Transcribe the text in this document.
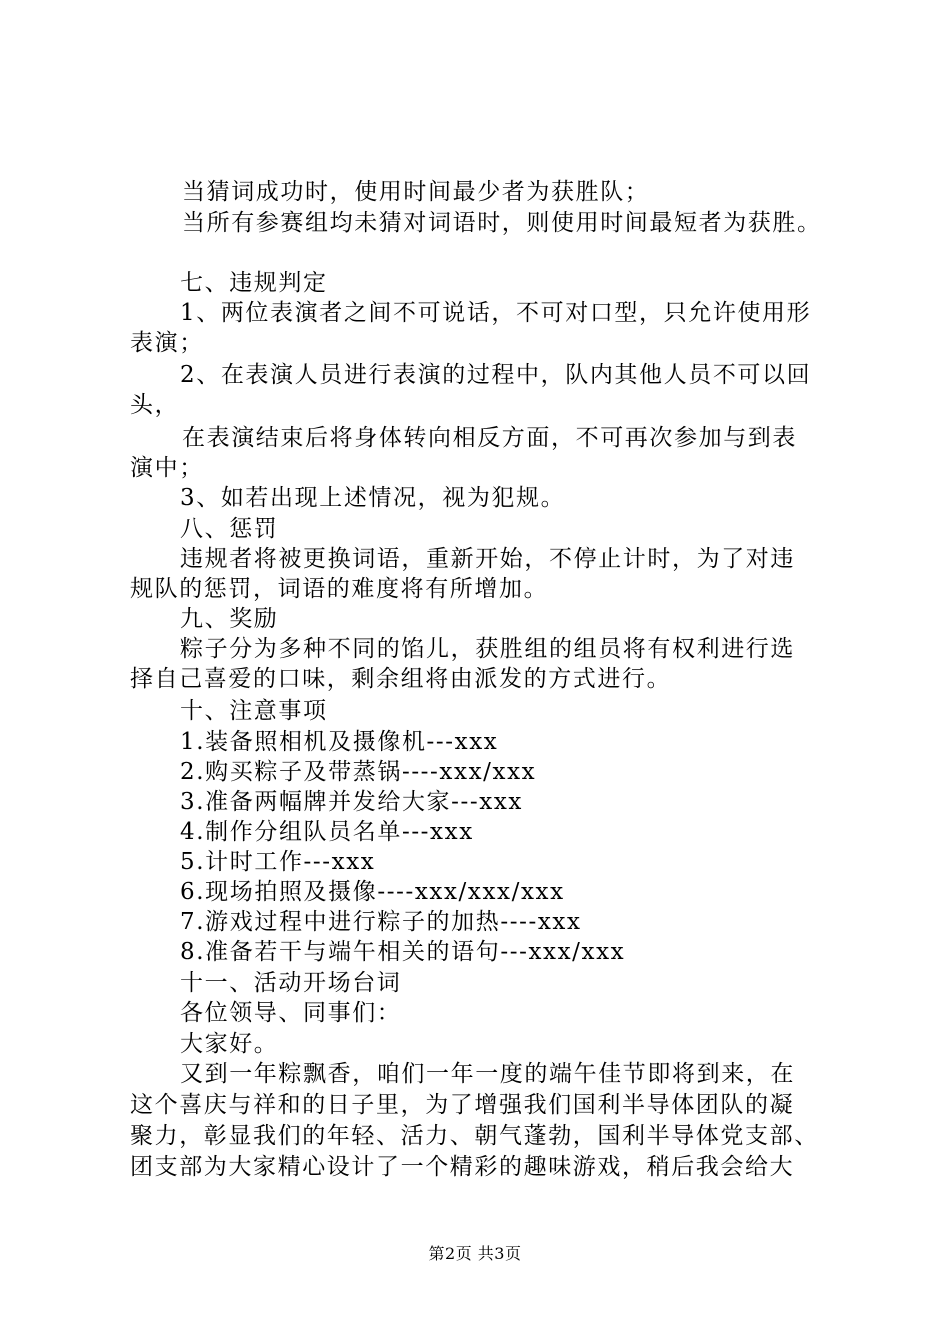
当猜词成功时，使用时间最少者为获胜队；
当所有参赛组均未猜对词语时，则使用时间最短者为获胜。
七、违规判定
1、两位表演者之间不可说话，不可对口型，只允许使用形
表演；
2、在表演人员进行表演的过程中，队内其他人员不可以回
头，
在表演结束后将身体转向相反方面，不可再次参加与到表
演中；
3、如若出现上述情况，视为犯规。
八、惩罚
违规者将被更换词语，重新开始，不停止计时，为了对违
规队的惩罚，词语的难度将有所增加。
九、奖励
粽子分为多种不同的馅儿，获胜组的组员将有权利进行选
择自己喜爱的口味，剩余组将由派发的方式进行。
十、注意事项
1.装备照相机及摄像机---xxx
2.购买粽子及带蒸锅----xxx/xxx
3.准备两幅牌并发给大家---xxx
4.制作分组队员名单---xxx
5.计时工作---xxx
6.现场拍照及摄像----xxx/xxx/xxx
7.游戏过程中进行粽子的加热----xxx
8.准备若干与端午相关的语句---xxx/xxx
十一、活动开场台词
各位领导、同事们：
大家好。
又到一年粽飘香，咱们一年一度的端午佳节即将到来，在
这个喜庆与祥和的日子里，为了增强我们国利半导体团队的凝
聚力，彰显我们的年轻、活力、朝气蓬勃，国利半导体党支部、
团支部为大家精心设计了一个精彩的趣味游戏，稍后我会给大
第2页 共3页
